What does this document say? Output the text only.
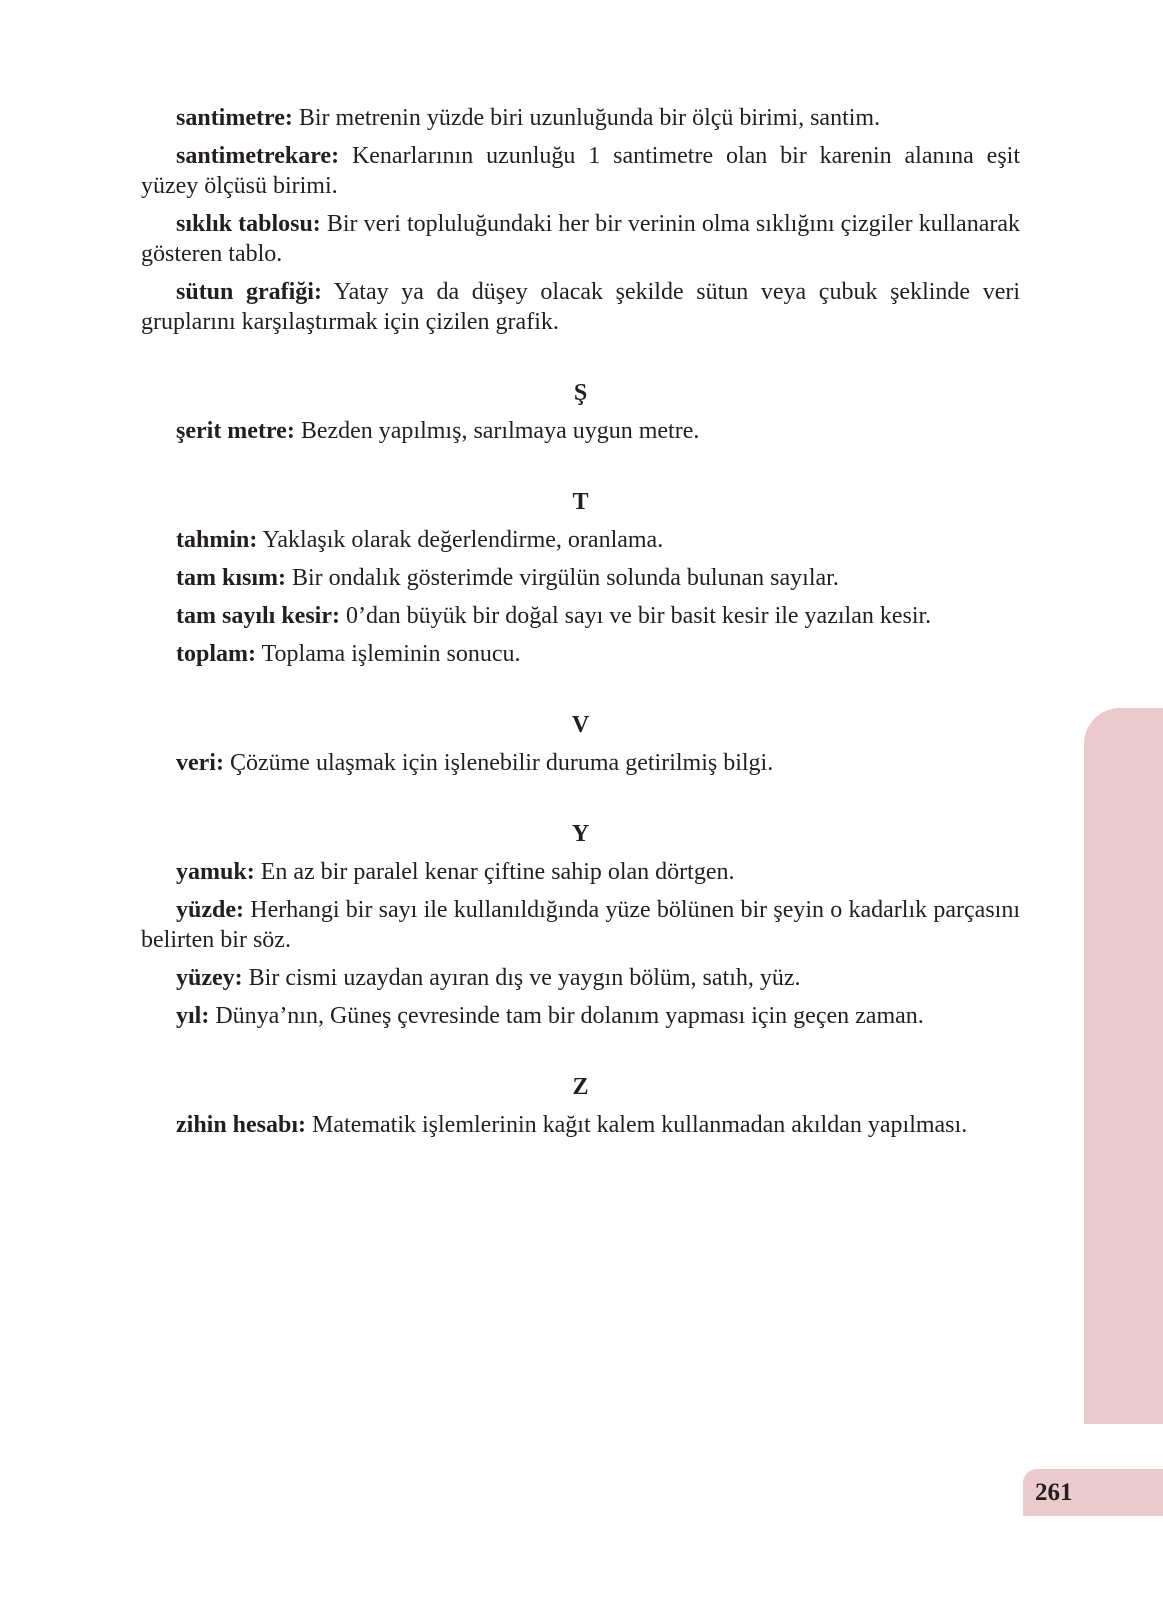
santimetre: Bir metrenin yüzde biri uzunluğunda bir ölçü birimi, santim.

santimetrekare: Kenarlarının uzunluğu 1 santimetre olan bir karenin alanına eşit yüzey ölçüsü birimi.

sıklık tablosu: Bir veri topluluğundaki her bir verinin olma sıklığını çizgiler kullanarak gösteren tablo.

sütun grafiği: Yatay ya da düşey olacak şekilde sütun veya çubuk şeklinde veri gruplarını karşılaştırmak için çizilen grafik.

Ş

şerit metre: Bezden yapılmış, sarılmaya uygun metre.

T

tahmin: Yaklaşık olarak değerlendirme, oranlama.

tam kısım: Bir ondalık gösterimde virgülün solunda bulunan sayılar.

tam sayılı kesir: 0’dan büyük bir doğal sayı ve bir basit kesir ile yazılan kesir.

toplam: Toplama işleminin sonucu.

V

veri: Çözüme ulaşmak için işlenebilir duruma getirilmiş bilgi.

Y

yamuk: En az bir paralel kenar çiftine sahip olan dörtgen.

yüzde: Herhangi bir sayı ile kullanıldığında yüze bölünen bir şeyin o kadarlık parçasını belirten bir söz.

yüzey: Bir cismi uzaydan ayıran dış ve yaygın bölüm, satıh, yüz.

yıl: Dünya’nın, Güneş çevresinde tam bir dolanım yapması için geçen zaman.

Z

zihin hesabı: Matematik işlemlerinin kağıt kalem kullanmadan akıldan yapılması.

261
